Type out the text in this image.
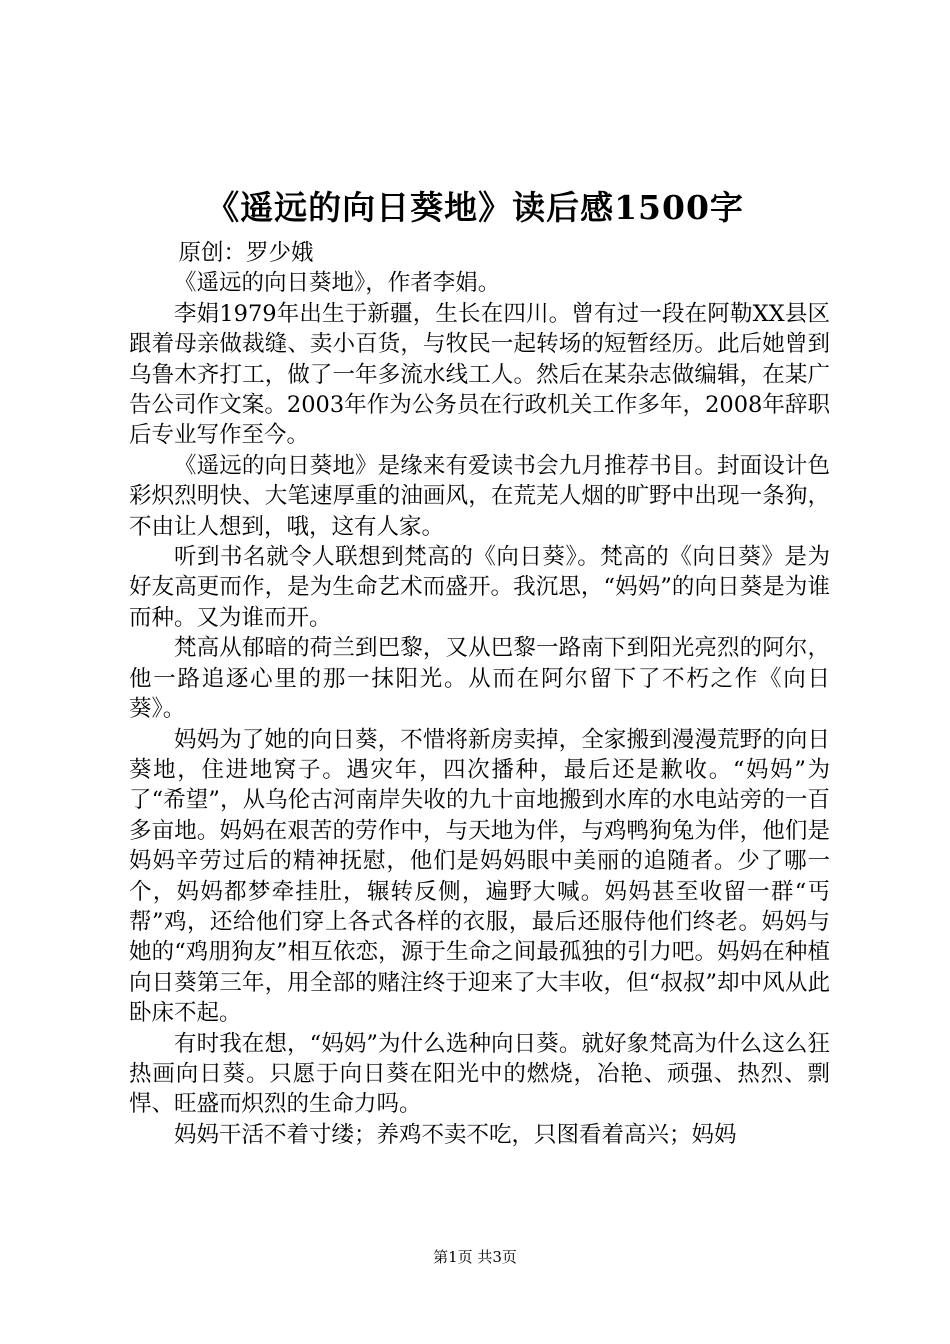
《遥远的向日葵地》读后感1500字

原创：罗少娥

《遥远的向日葵地》，作者李娟。

李娟1979年出生于新疆，生长在四川。曾有过一段在阿勒XX县区跟着母亲做裁缝、卖小百货，与牧民一起转场的短暂经历。此后她曾到乌鲁木齐打工，做了一年多流水线工人。然后在某杂志做编辑，在某广告公司作文案。2003年作为公务员在行政机关工作多年，2008年辞职后专业写作至今。

《遥远的向日葵地》是缘来有爱读书会九月推荐书目。封面设计色彩炽烈明快、大笔速厚重的油画风，在荒芜人烟的旷野中出现一条狗，不由让人想到，哦，这有人家。

听到书名就令人联想到梵高的《向日葵》。梵高的《向日葵》是为好友高更而作，是为生命艺术而盛开。我沉思，“妈妈”的向日葵是为谁而种。又为谁而开。

梵高从郁暗的荷兰到巴黎，又从巴黎一路南下到阳光亮烈的阿尔，他一路追逐心里的那一抹阳光。从而在阿尔留下了不朽之作《向日葵》。

妈妈为了她的向日葵，不惜将新房卖掉，全家搬到漫漫荒野的向日葵地，住进地窝子。遇灾年，四次播种，最后还是歉收。“妈妈”为了“希望”，从乌伦古河南岸失收的九十亩地搬到水库的水电站旁的一百多亩地。妈妈在艰苦的劳作中，与天地为伴，与鸡鸭狗兔为伴，他们是妈妈辛劳过后的精神抚慰，他们是妈妈眼中美丽的追随者。少了哪一个，妈妈都梦牵挂肚，辗转反侧，遍野大喊。妈妈甚至收留一群“丐帮”鸡，还给他们穿上各式各样的衣服，最后还服侍他们终老。妈妈与她的“鸡朋狗友”相互依恋，源于生命之间最孤独的引力吧。妈妈在种植向日葵第三年，用全部的赌注终于迎来了大丰收，但“叔叔”却中风从此卧床不起。

有时我在想，“妈妈”为什么选种向日葵。就好象梵高为什么这么狂热画向日葵。只愿于向日葵在阳光中的燃烧，冶艳、顽强、热烈、剽悍、旺盛而炽烈的生命力吗。

妈妈干活不着寸缕；养鸡不卖不吃，只图看着高兴；妈妈

第1页 共3页
